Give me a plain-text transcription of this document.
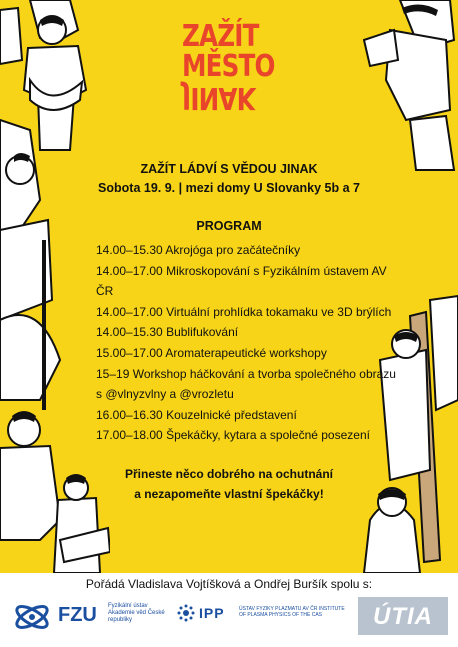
ZAŽÍT
MĚSTO
JINAK
ZAŽÍT LÁDVÍ S VĚDOU JINAK
Sobota 19. 9. | mezi domy U Slovanky 5b a 7
PROGRAM
14.00–15.30 Akrojóga pro začátečníky
14.00–17.00 Mikroskopování s Fyzikálním ústavem AV ČR
14.00–17.00 Virtuální prohlídka tokamaku ve 3D brýlích
14.00–15.30 Bublifukování
15.00–17.00 Aromaterapeutické workshopy
15–19 Workshop háčkování a tvorba společného obrazu s @vlnyzvlny a @vrozletu
16.00–16.30 Kouzelnické představení
17.00–18.00 Špekáčky, kytara a společné posezení
Přineste něco dobrého na ochutnání
a nezapomeňte vlastní špekáčky!
Pořádá Vladislava Vojtíšková a Ondřej Buršík spolu s:
FZU Fyzikální ústav Akademie věd České republiky	IPP	ÚSTAV FYZIKY PLAZMATU AV ČR INSTITUTE OF PLASMA PHYSICS OF THE CAS	ÚTIA
